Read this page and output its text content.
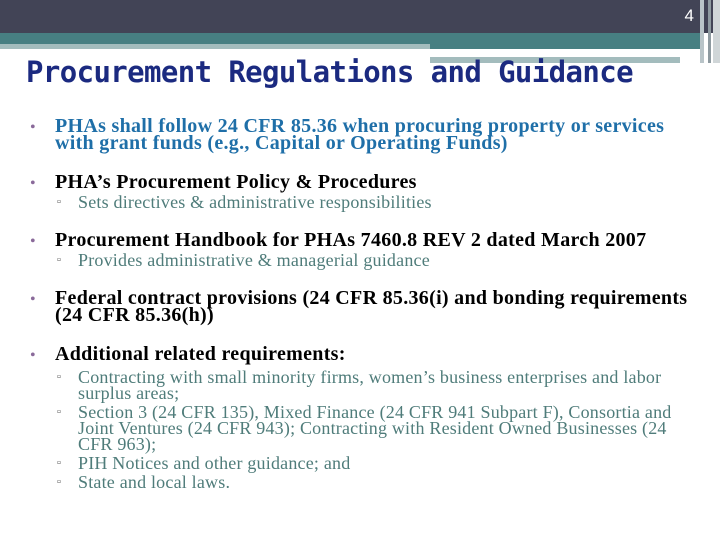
4
Procurement Regulations and Guidance
• PHAs shall follow 24 CFR 85.36 when procuring property or services with grant funds (e.g., Capital or Operating Funds)
• PHA’s Procurement Policy & Procedures
▫ Sets directives & administrative responsibilities
• Procurement Handbook for PHAs 7460.8 REV 2 dated March 2007
▫ Provides administrative & managerial guidance
• Federal contract provisions (24 CFR 85.36(i) and bonding requirements (24 CFR 85.36(h))
• Additional related requirements:
▫ Contracting with small minority firms, women’s business enterprises and labor surplus areas;
▫ Section 3 (24 CFR 135), Mixed Finance (24 CFR 941 Subpart F), Consortia and Joint Ventures (24 CFR 943); Contracting with Resident Owned Businesses (24 CFR 963);
▫ PIH Notices and other guidance; and
▫ State and local laws.
